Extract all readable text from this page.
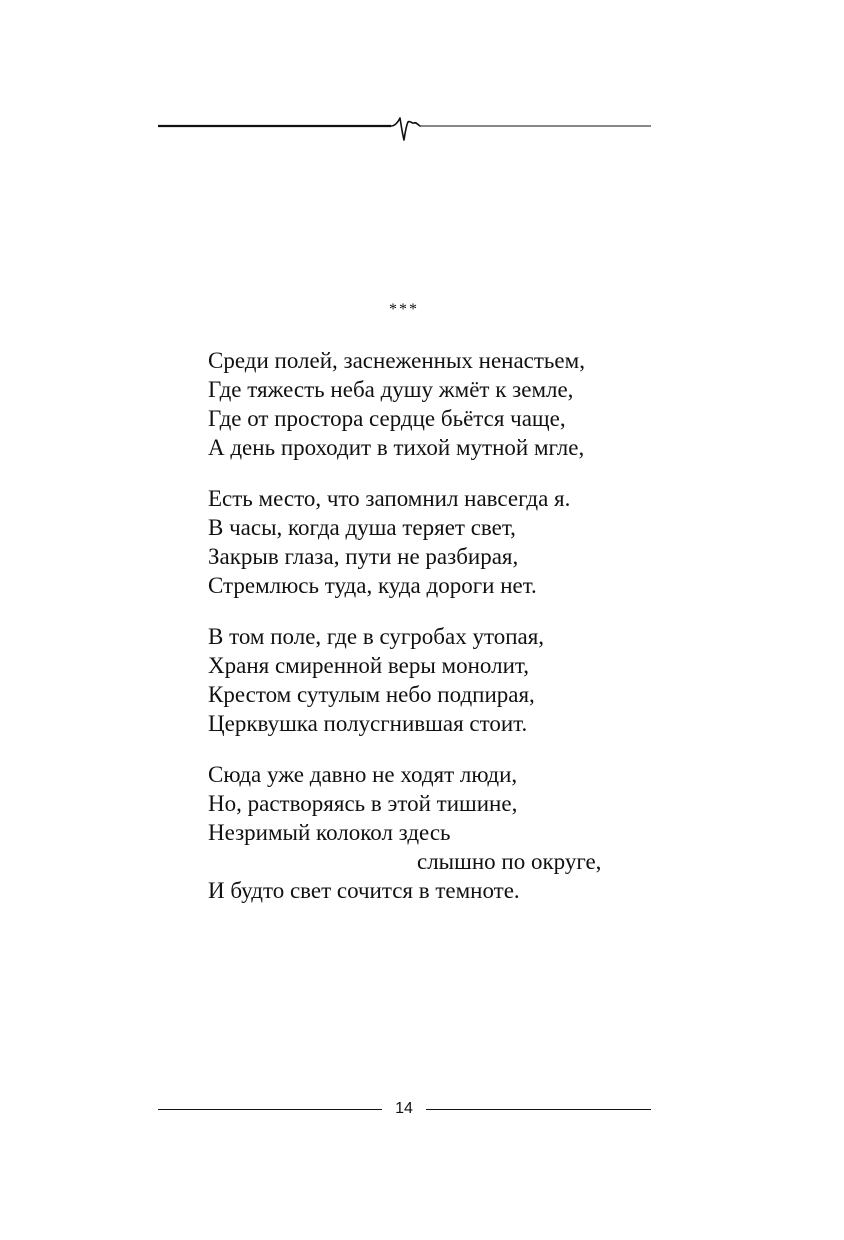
***
Среди полей, заснеженных ненастьем,
Где тяжесть неба душу жмёт к земле,
Где от простора сердце бьётся чаще,
А день проходит в тихой мутной мгле,
Есть место, что запомнил навсегда я.
В часы, когда душа теряет свет,
Закрыв глаза, пути не разбирая,
Стремлюсь туда, куда дороги нет.
В том поле, где в сугробах утопая,
Храня смиренной веры монолит,
Крестом сутулым небо подпирая,
Церквушка полусгнившая стоит.
Сюда уже давно не ходят люди,
Но, растворяясь в этой тишине,
Незримый колокол здесь
слышно по округе,
И будто свет сочится в темноте.
14
